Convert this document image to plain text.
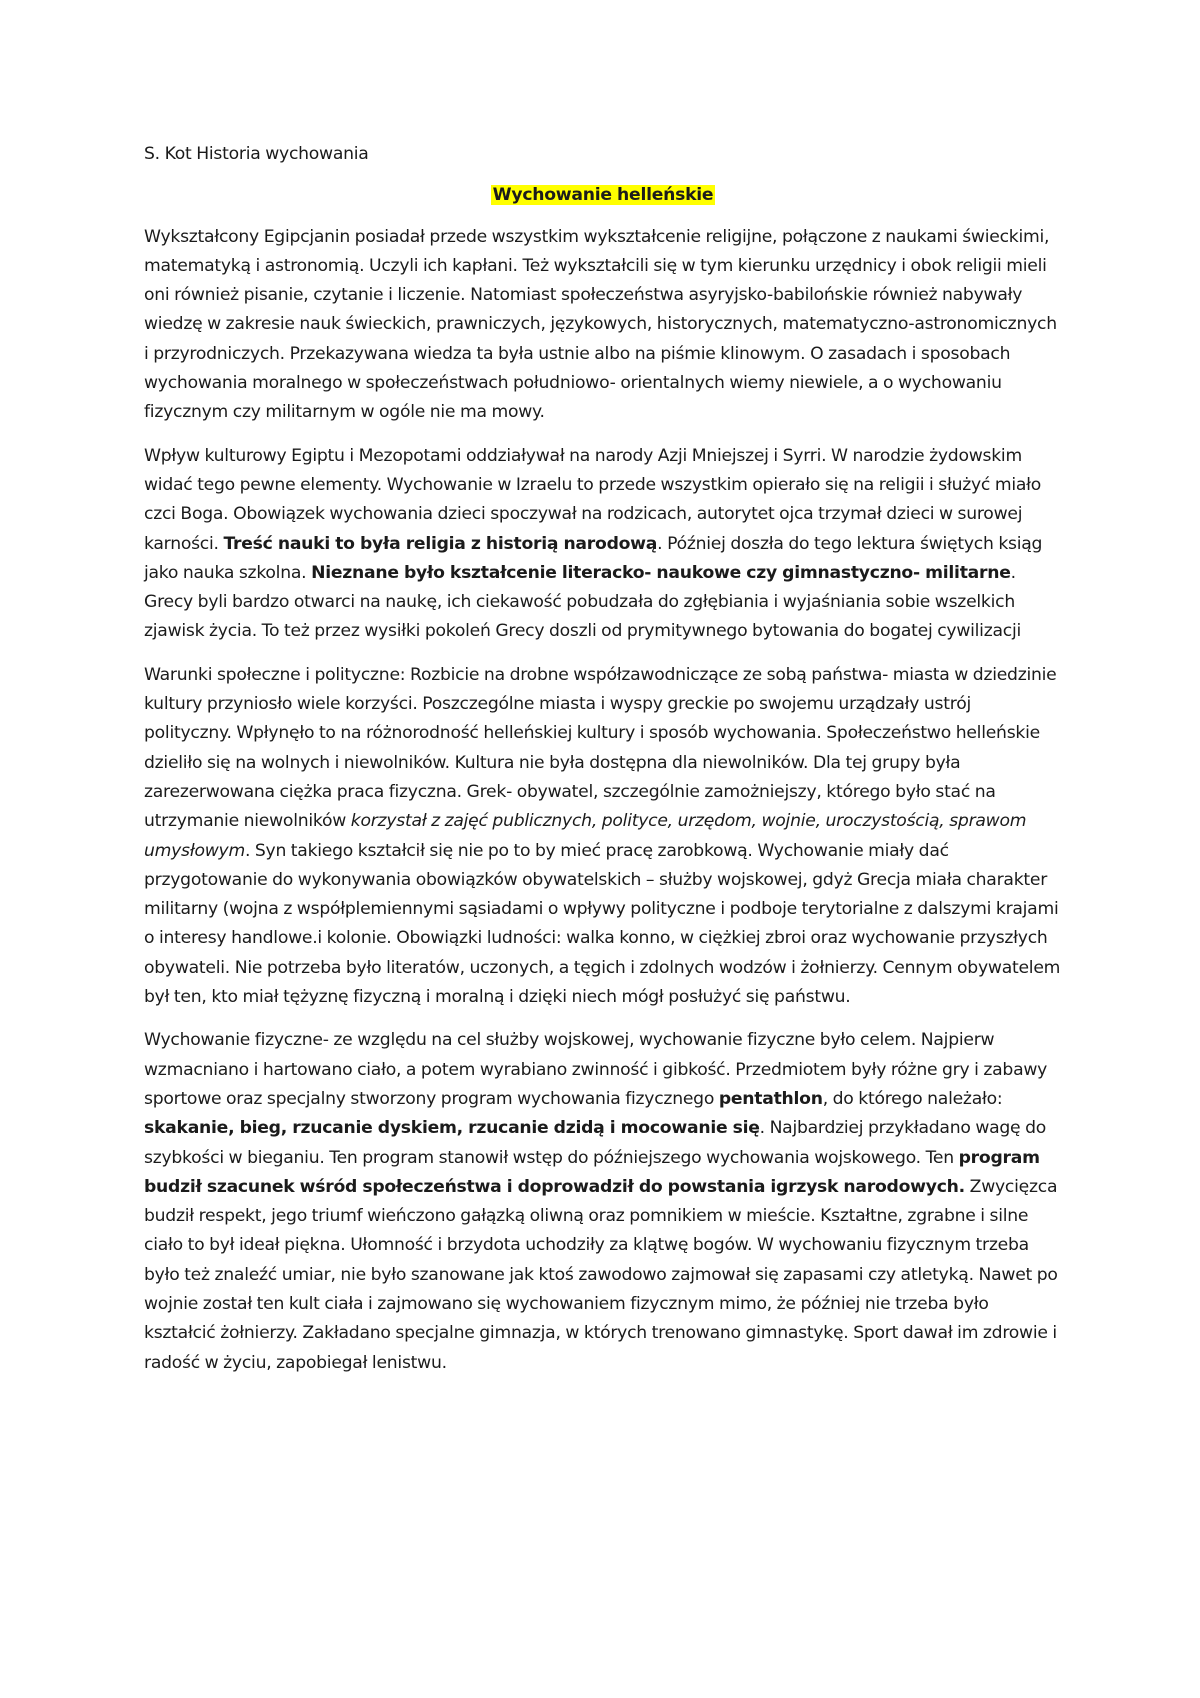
S. Kot Historia wychowania

Wychowanie helleńskie

Wykształcony Egipcjanin posiadał przede wszystkim wykształcenie religijne, połączone z naukami świeckimi, matematyką i astronomią. Uczyli ich kapłani. Też wykształcili się w tym kierunku urzędnicy i obok religii mieli oni również pisanie, czytanie i liczenie. Natomiast społeczeństwa asyryjsko-babilońskie również nabywały wiedzę w zakresie nauk świeckich, prawniczych, językowych, historycznych, matematyczno-astronomicznych i przyrodniczych. Przekazywana wiedza ta była ustnie albo na piśmie klinowym. O zasadach i sposobach wychowania moralnego w społeczeństwach południowo- orientalnych wiemy niewiele, a o wychowaniu fizycznym czy militarnym w ogóle nie ma mowy.

Wpływ kulturowy Egiptu i Mezopotami oddziaływał na narody Azji Mniejszej i Syrri. W narodzie żydowskim widać tego pewne elementy. Wychowanie w Izraelu to przede wszystkim opierało się na religii i służyć miało czci Boga. Obowiązek wychowania dzieci spoczywał na rodzicach, autorytet ojca trzymał dzieci w surowej karności. Treść nauki to była religia z historią narodową. Później doszła do tego lektura świętych ksiąg jako nauka szkolna. Nieznane było kształcenie literacko- naukowe czy gimnastyczno- militarne. Grecy byli bardzo otwarci na naukę, ich ciekawość pobudzała do zgłębiania i wyjaśniania sobie wszelkich zjawisk życia. To też przez wysiłki pokoleń Grecy doszli od prymitywnego bytowania do bogatej cywilizacji

Warunki społeczne i polityczne: Rozbicie na drobne współzawodniczące ze sobą państwa- miasta w dziedzinie kultury przyniosło wiele korzyści. Poszczególne miasta i wyspy greckie po swojemu urządzały ustrój polityczny. Wpłynęło to na różnorodność helleńskiej kultury i sposób wychowania. Społeczeństwo helleńskie dzieliło się na wolnych i niewolników. Kultura nie była dostępna dla niewolników. Dla tej grupy była zarezerwowana ciężka praca fizyczna. Grek- obywatel, szczególnie zamożniejszy, którego było stać na utrzymanie niewolników korzystał z zajęć publicznych, polityce, urzędom, wojnie, uroczystością, sprawom umysłowym. Syn takiego kształcił się nie po to by mieć pracę zarobkową. Wychowanie miały dać przygotowanie do wykonywania obowiązków obywatelskich – służby wojskowej, gdyż Grecja miała charakter militarny (wojna z współplemiennymi sąsiadami o wpływy polityczne i podboje terytorialne z dalszymi krajami o interesy handlowe.i kolonie. Obowiązki ludności: walka konno, w ciężkiej zbroi oraz wychowanie przyszłych obywateli. Nie potrzeba było literatów, uczonych, a tęgich i zdolnych wodzów i żołnierzy. Cennym obywatelem był ten, kto miał tężyznę fizyczną i moralną i dzięki niech mógł posłużyć się państwu.

Wychowanie fizyczne- ze względu na cel służby wojskowej, wychowanie fizyczne było celem. Najpierw wzmacniano i hartowano ciało, a potem wyrabiano zwinność i gibkość. Przedmiotem były różne gry i zabawy sportowe oraz specjalny stworzony program wychowania fizycznego pentathlon, do którego należało: skakanie, bieg, rzucanie dyskiem, rzucanie dzidą i mocowanie się. Najbardziej przykładano wagę do szybkości w bieganiu. Ten program stanowił wstęp do późniejszego wychowania wojskowego. Ten program budził szacunek wśród społeczeństwa i doprowadził do powstania igrzysk narodowych. Zwycięzca budził respekt, jego triumf wieńczono gałązką oliwną oraz pomnikiem w mieście. Kształtne, zgrabne i silne ciało to był ideał piękna. Ułomność i brzydota uchodziły za klątwę bogów. W wychowaniu fizycznym trzeba było też znaleźć umiar, nie było szanowane jak ktoś zawodowo zajmował się zapasami czy atletyką. Nawet po wojnie został ten kult ciała i zajmowano się wychowaniem fizycznym mimo, że później nie trzeba było kształcić żołnierzy. Zakładano specjalne gimnazja, w których trenowano gimnastykę. Sport dawał im zdrowie i radość w życiu, zapobiegał lenistwu.
